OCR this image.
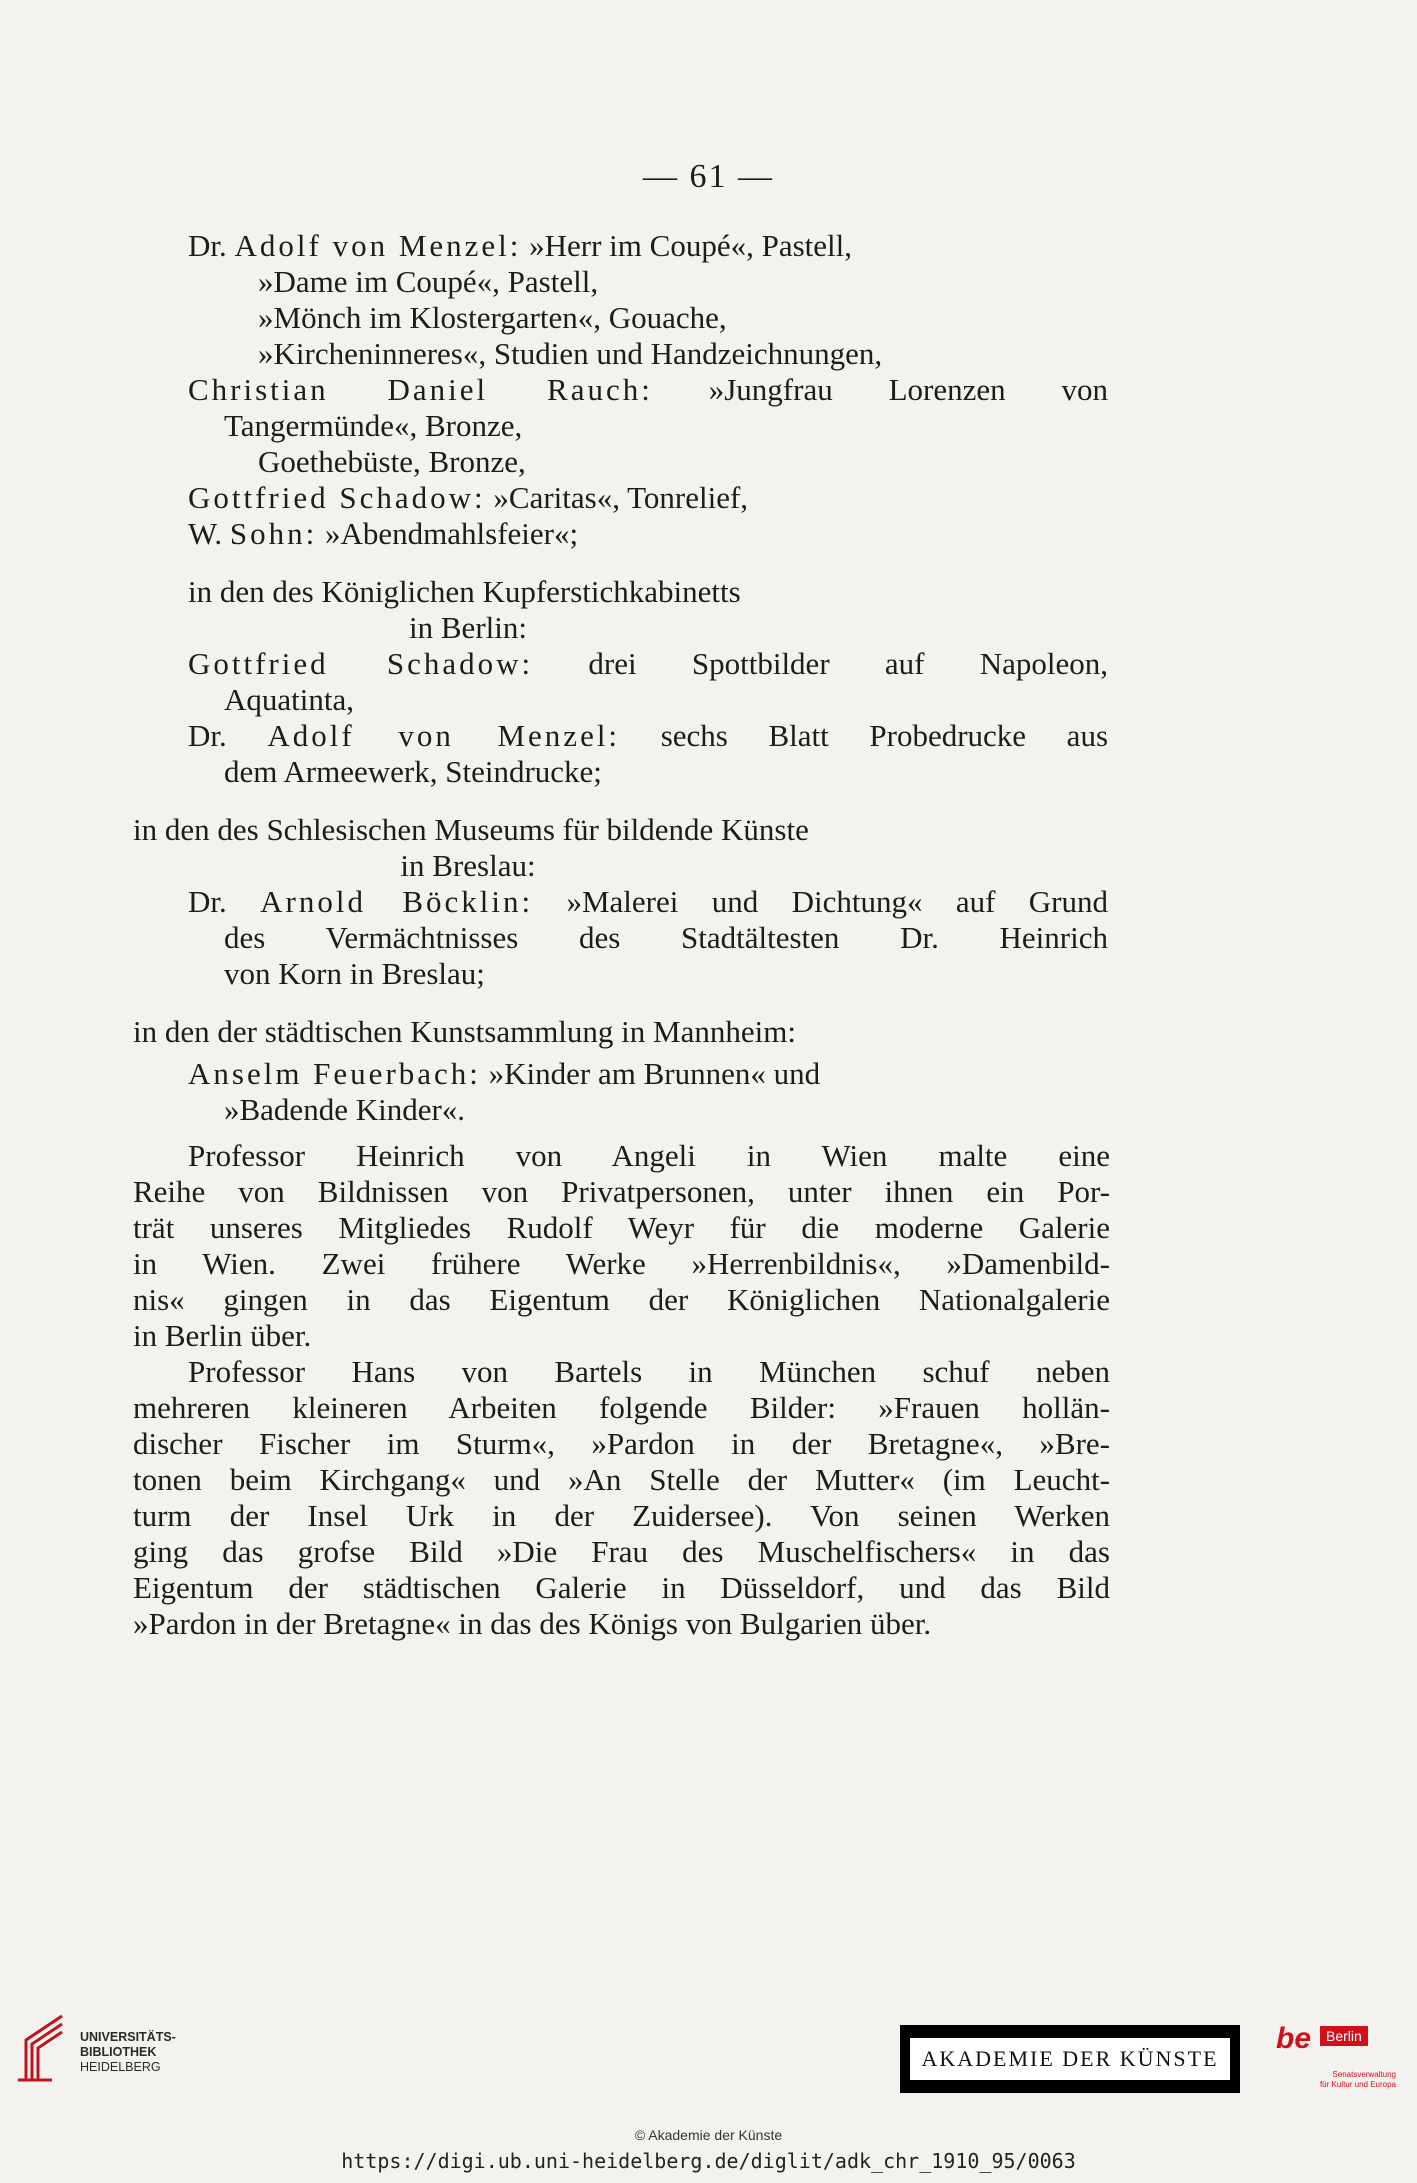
— 61 —

Dr. Adolf von Menzel: »Herr im Coupé«, Pastell,

»Dame im Coupé«, Pastell,

»Mönch im Klostergarten«, Gouache,

»Kircheninneres«, Studien und Handzeichnungen,

Christian Daniel Rauch: »Jungfrau Lorenzen von

Tangermünde«, Bronze,

Goethebüste, Bronze,

Gottfried Schadow: »Caritas«, Tonrelief,

W. Sohn: »Abendmahlsfeier«;

in den des Königlichen Kupferstichkabinetts

in Berlin:

Gottfried Schadow: drei Spottbilder auf Napoleon,

Aquatinta,

Dr. Adolf von Menzel: sechs Blatt Probedrucke aus

dem Armeewerk, Steindrucke;

in den des Schlesischen Museums für bildende Künste

in Breslau:

Dr. Arnold Böcklin: »Malerei und Dichtung« auf Grund

des Vermächtnisses des Stadtältesten Dr. Heinrich

von Korn in Breslau;

in den der städtischen Kunstsammlung in Mannheim:

Anselm Feuerbach: »Kinder am Brunnen« und

»Badende Kinder«.

Professor Heinrich von Angeli in Wien malte eine

Reihe von Bildnissen von Privatpersonen, unter ihnen ein Por-

trät unseres Mitgliedes Rudolf Weyr für die moderne Galerie

in Wien. Zwei frühere Werke »Herrenbildnis«, »Damenbild-

nis« gingen in das Eigentum der Königlichen Nationalgalerie

in Berlin über.

Professor Hans von Bartels in München schuf neben

mehreren kleineren Arbeiten folgende Bilder: »Frauen hollän-

discher Fischer im Sturm«, »Pardon in der Bretagne«, »Bre-

tonen beim Kirchgang« und »An Stelle der Mutter« (im Leucht-

turm der Insel Urk in der Zuidersee). Von seinen Werken

ging das grofse Bild »Die Frau des Muschelfischers« in das

Eigentum der städtischen Galerie in Düsseldorf, und das Bild

»Pardon in der Bretagne« in das des Königs von Bulgarien über.

UNIVERSITÄTS-
BIBLIOTHEK
HEIDELBERG	AKADEMIE DER KÜNSTE
be	Berlin
Senatsverwaltung
für Kultur und Europa
© Akademie der Künste
https://digi.ub.uni-heidelberg.de/diglit/adk_chr_1910_95/0063
